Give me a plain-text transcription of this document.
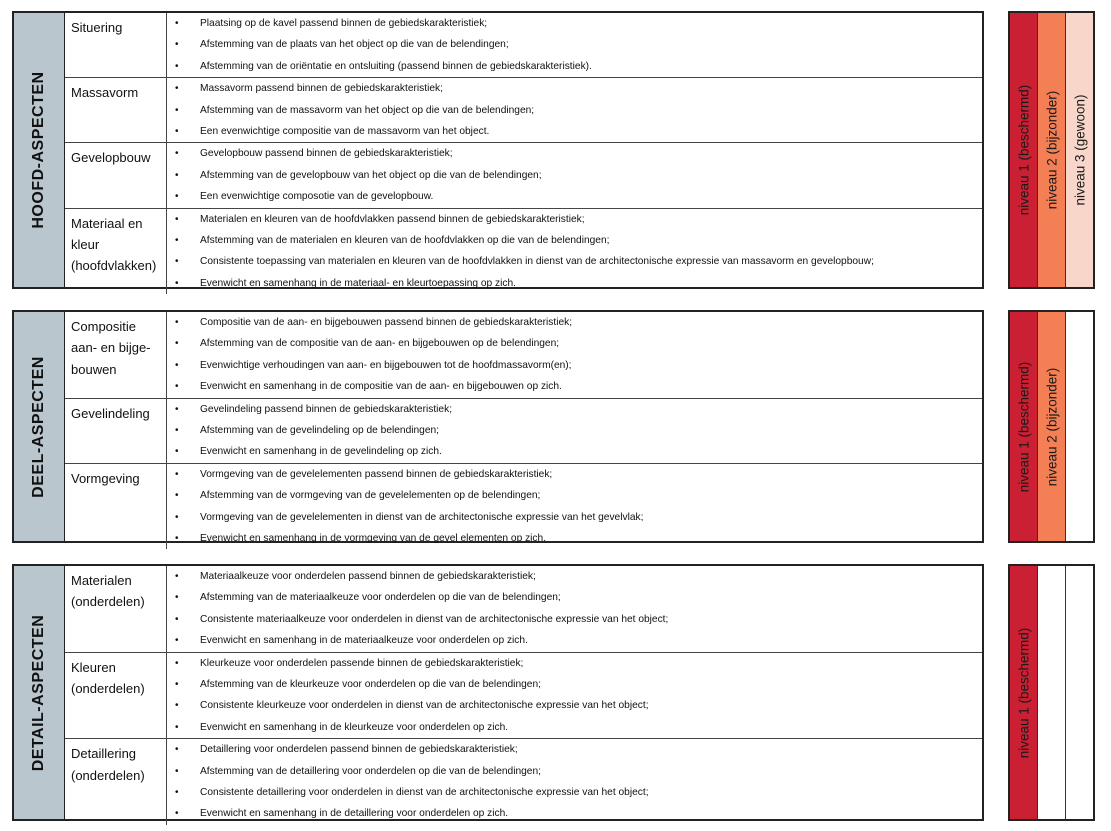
HOOFD-ASPECTEN
Situering	• Plaatsing op de kavel passend binnen de gebiedskarakteristiek;
• Afstemming van de plaats van het object op die van de belendingen;
• Afstemming van de oriëntatie en ontsluiting (passend binnen de gebiedskarakteristiek).
Massavorm	• Massavorm passend binnen de gebiedskarakteristiek;
• Afstemming van de massavorm van het object op die van de belendingen;
• Een evenwichtige compositie van de massavorm van het object.
Gevelopbouw	• Gevelopbouw passend binnen de gebiedskarakteristiek;
• Afstemming van de gevelopbouw van het object op die van de belendingen;
• Een evenwichtige composotie van de gevelopbouw.
Materiaal en kleur (hoofdvlakken)
• Materialen en kleuren van de hoofdvlakken passend binnen de gebiedskarakteristiek;
• Afstemming van de materialen en kleuren van de hoofdvlakken op die van de belendingen;
• Consistente toepassing van materialen en kleuren van de hoofdvlakken in dienst van de architectonische expressie van massavorm en gevelopbouw;
• Evenwicht en samenhang in de materiaal- en kleurtoepassing op zich.
niveau 1 (beschermd) niveau 2 (bijzonder) niveau 3 (gewoon)
DEEL-ASPECTEN
Compositie aan- en bijge- bouwen
• Compositie van de aan- en bijgebouwen passend binnen de gebiedskarakteristiek;
• Afstemming van de compositie van de aan- en bijgebouwen op de belendingen;
• Evenwichtige verhoudingen van aan- en bijgebouwen tot de hoofdmassavorm(en);
• Evenwicht en samenhang in de compositie van de aan- en bijgebouwen op zich.
Gevelindeling	• Gevelindeling passend binnen de gebiedskarakteristiek;
• Afstemming van de gevelindeling op de belendingen;
• Evenwicht en samenhang in de gevelindeling op zich.
Vormgeving	• Vormgeving van de gevelelementen passend binnen de gebiedskarakteristiek;
• Afstemming van de vormgeving van de gevelelementen op de belendingen;
• Vormgeving van de gevelelementen in dienst van de architectonische expressie van het gevelvlak;
• Evenwicht en samenhang in de vormgeving van de gevel elementen op zich.
niveau 1 (beschermd) niveau 2 (bijzonder)
DETAIL-ASPECTEN
Materialen (onderdelen)
• Materiaalkeuze voor onderdelen passend binnen de gebiedskarakteristiek;
• Afstemming van de materiaalkeuze voor onderdelen op die van de belendingen;
• Consistente materiaalkeuze voor onderdelen in dienst van de architectonische expressie van het object;
• Evenwicht en samenhang in de materiaalkeuze voor onderdelen op zich.
Kleuren (onderdelen)
• Kleurkeuze voor onderdelen passende binnen de gebiedskarakteristiek;
• Afstemming van de kleurkeuze voor onderdelen op die van de belendingen;
• Consistente kleurkeuze voor onderdelen in dienst van de architectonische expressie van het object;
• Evenwicht en samenhang in de kleurkeuze voor onderdelen op zich.
Detaillering (onderdelen)
• Detaillering voor onderdelen passend binnen de gebiedskarakteristiek;
• Afstemming van de detaillering voor onderdelen op die van de belendingen;
• Consistente detaillering voor onderdelen in dienst van de architectonische expressie van het object;
• Evenwicht en samenhang in de detaillering voor onderdelen op zich.
niveau 1 (beschermd)
